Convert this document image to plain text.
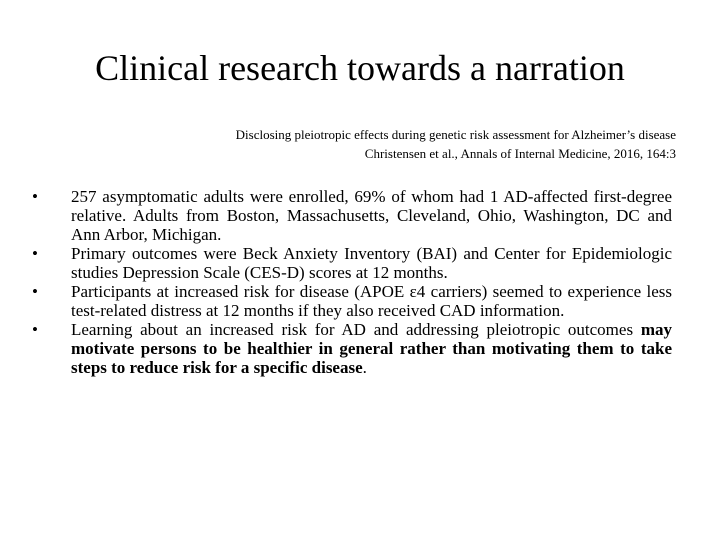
Clinical research towards a narration
Disclosing pleiotropic effects during genetic risk assessment for Alzheimer’s disease
Christensen et al., Annals of Internal Medicine, 2016, 164:3
•	257 asymptomatic adults were enrolled, 69% of whom had 1 AD-affected first-degree relative. Adults from Boston, Massachusetts, Cleveland, Ohio, Washington, DC and Ann Arbor, Michigan.
•	Primary outcomes were Beck Anxiety Inventory (BAI) and Center for Epidemiologic studies Depression Scale (CES-D) scores at 12 months.
•	Participants at increased risk for disease (APOE ε4 carriers) seemed to experience less test-related distress at 12 months if they also received CAD information.
•	Learning about an increased risk for AD and addressing pleiotropic outcomes may motivate persons to be healthier in general rather than motivating them to take steps to reduce risk for a specific disease.
